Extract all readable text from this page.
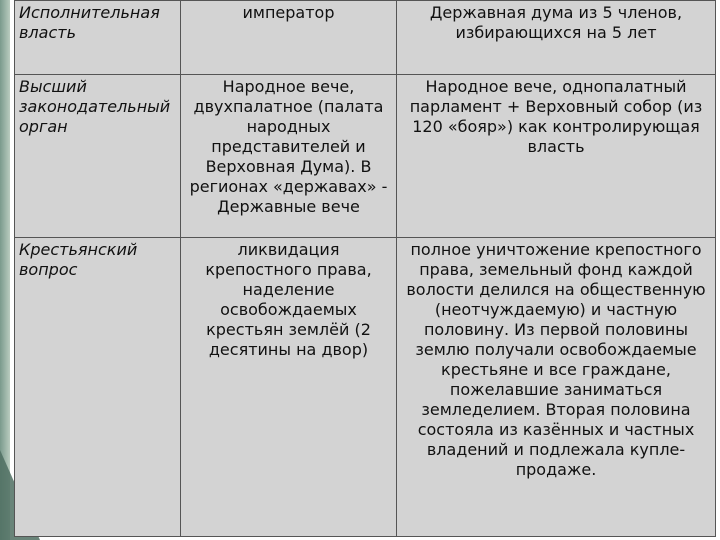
Исполнительная власть	император	Державная дума из 5 членов, избирающихся на 5 лет
Высший законодательный орган	Народное вече, двухпалатное (палата народных представителей и Верховная Дума). В регионах «державах» - Державные вече	Народное вече, однопалатный парламент + Верховный собор (из 120 «бояр») как контролирующая власть
Крестьянский вопрос	ликвидация крепостного права, наделение освобождаемых крестьян землёй (2 десятины на двор)	полное уничтожение крепостного права, земельный фонд каждой волости делился на общественную (неотчуждаемую) и частную половину. Из первой половины землю получали освобождаемые крестьяне и все граждане, пожелавшие заниматься земледелием. Вторая половина состояла из казённых и частных владений и подлежала купле-продаже.
